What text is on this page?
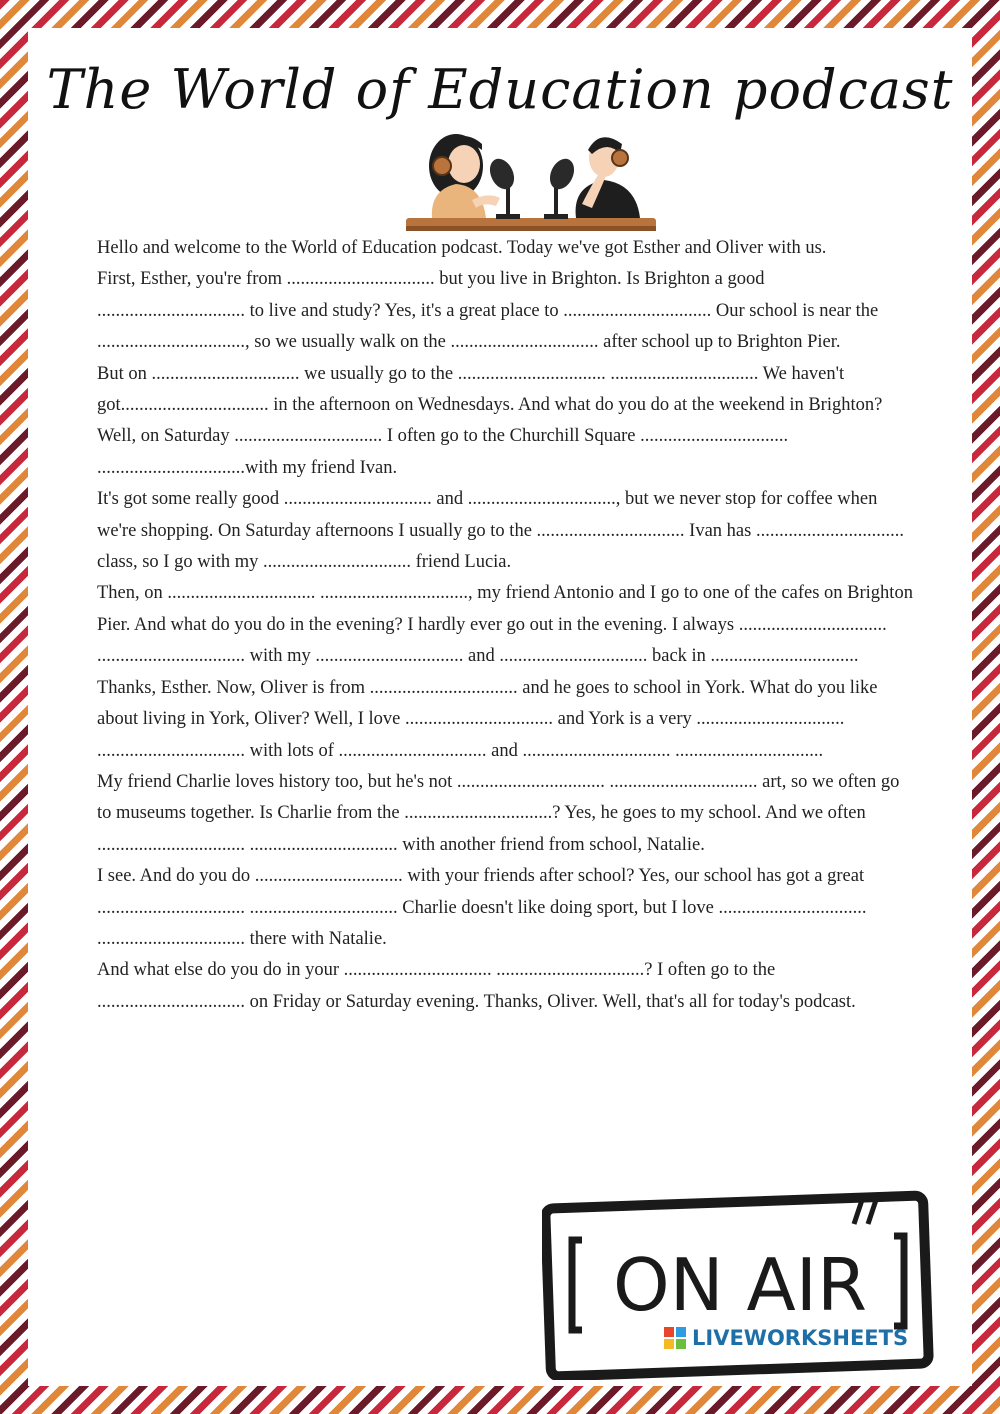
The World of Education podcast

Hello and welcome to the World of Education podcast. Today we've got Esther and Oliver with us.

First, Esther, you're from ................................ but you live in Brighton. Is Brighton a good ................................ to live and study? Yes, it's a great place to ................................ Our school is near the ................................, so we usually walk on the ................................ after school up to Brighton Pier.

But on ................................ we usually go to the ................................ ................................ We haven't got................................ in the afternoon on Wednesdays. And what do you do at the weekend in Brighton? Well, on Saturday ................................ I often go to the Churchill Square ................................ ................................with my friend Ivan.

It's got some really good ................................ and ................................, but we never stop for coffee when we're shopping. On Saturday afternoons I usually go to the ................................ Ivan has ................................ class, so I go with my ................................ friend Lucia.

Then, on ................................ ................................, my friend Antonio and I go to one of the cafes on Brighton Pier. And what do you do in the evening? I hardly ever go out in the evening. I always ................................ ................................ with my ................................ and ................................ back in ................................

Thanks, Esther. Now, Oliver is from ................................ and he goes to school in York. What do you like about living in York, Oliver? Well, I love ................................ and York is a very ................................ ................................ with lots of ................................ and ................................ ................................

My friend Charlie loves history too, but he's not ................................ ................................ art, so we often go to museums together. Is Charlie from the ................................? Yes, he goes to my school. And we often ................................ ................................ with another friend from school, Natalie.

I see. And do you do ................................ with your friends after school? Yes, our school has got a great ................................ ................................ Charlie doesn't like doing sport, but I love ................................ ................................ there with Natalie.

And what else do you do in your ................................ ................................? I often go to the ................................ on Friday or Saturday evening. Thanks, Oliver. Well, that's all for today's podcast.

ON AIR
LIVEWORKSHEETS
